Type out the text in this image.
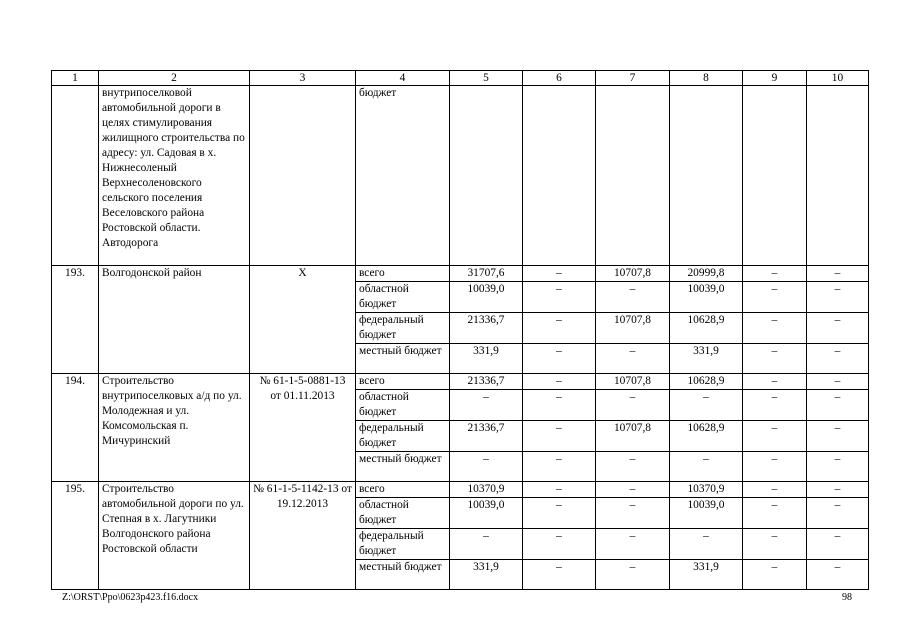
1	2	3	4	5	6	7	8	9	10
	внутрипоселковой автомобильной дороги в целях стимулирования жилищного строительства по адресу: ул. Садовая в х. Нижнесоленый Верхнесоленовского сельского поселения Веселовского района Ростовской области. Автодорога		бюджет						
193.	Волгодонской район	Х	всего	31707,6	–	10707,8	20999,8	–	–
			областной бюджет	10039,0	–	–	10039,0	–	–
			федеральный бюджет	21336,7	–	10707,8	10628,9	–	–
			местный бюджет	331,9	–	–	331,9	–	–
194.	Строительство внутрипоселковых а/д по ул. Молодежная и ул. Комсомольская п. Мичуринский	№ 61-1-5-0881-13 от 01.11.2013	всего	21336,7	–	10707,8	10628,9	–	–
			областной бюджет	–	–	–	–	–	–
			федеральный бюджет	21336,7	–	10707,8	10628,9	–	–
			местный бюджет	–	–	–	–	–	–
195.	Строительство автомобильной дороги по ул. Степная в х. Лагутники Волгодонского района Ростовской области	№ 61-1-5-1142-13 от 19.12.2013	всего	10370,9	–	–	10370,9	–	–
			областной бюджет	10039,0	–	–	10039,0	–	–
			федеральный бюджет	–	–	–	–	–	–
			местный бюджет	331,9	–	–	331,9	–	–
Z:\ORST\Ppo\0623p423.f16.docx	98
